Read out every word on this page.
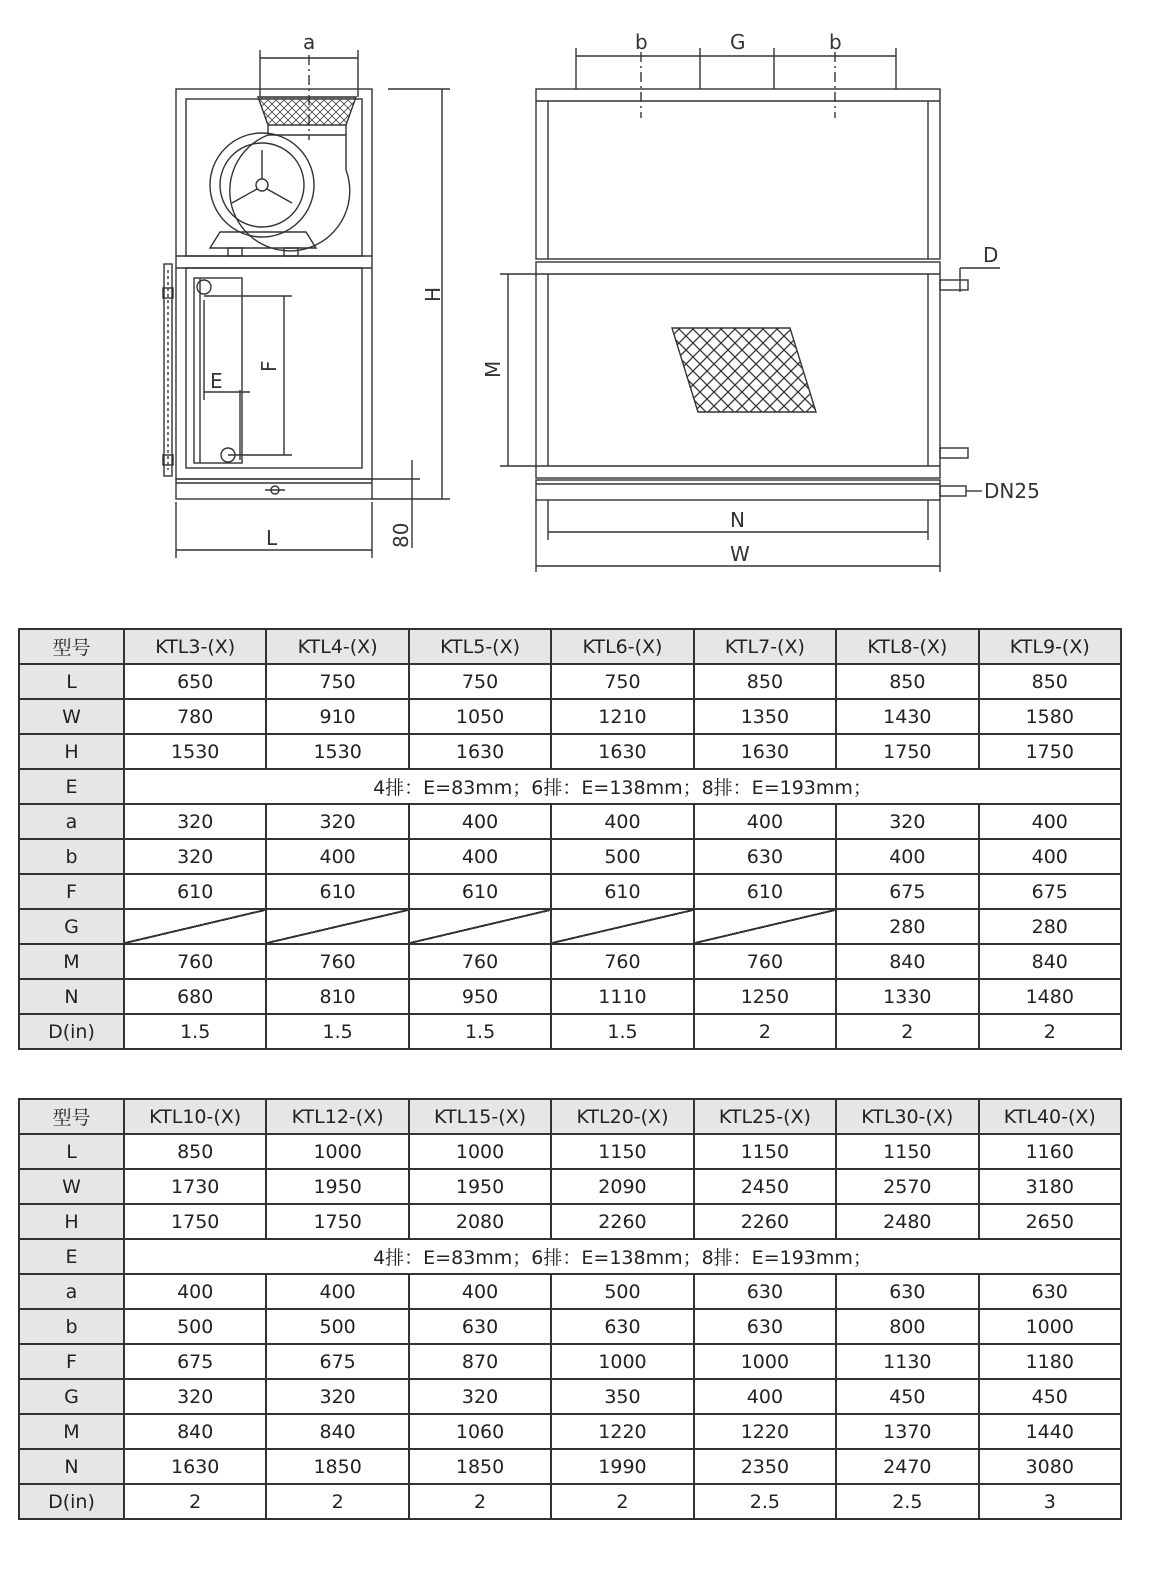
a
E
F
H
L	80
b	G	b
D
M
DN25
N
W
型号	KTL3-(X)	KTL4-(X)	KTL5-(X)	KTL6-(X)	KTL7-(X)	KTL8-(X)	KTL9-(X)
L	650	750	750	750	850	850	850
W	780	910	1050	1210	1350	1430	1580
H	1530	1530	1630	1630	1630	1750	1750
E	4排：E=83mm；6排：E=138mm；8排：E=193mm；						
a	320	320	400	400	400	320	400
b	320	400	400	500	630	400	400
F	610	610	610	610	610	675	675
G						280	280
M	760	760	760	760	760	840	840
N	680	810	950	1110	1250	1330	1480
D(in)	1.5	1.5	1.5	1.5	2	2	2
型号	KTL10-(X)	KTL12-(X)	KTL15-(X)	KTL20-(X)	KTL25-(X)	KTL30-(X)	KTL40-(X)
L	850	1000	1000	1150	1150	1150	1160
W	1730	1950	1950	2090	2450	2570	3180
H	1750	1750	2080	2260	2260	2480	2650
E	4排：E=83mm；6排：E=138mm；8排：E=193mm；						
a	400	400	400	500	630	630	630
b	500	500	630	630	630	800	1000
F	675	675	870	1000	1000	1130	1180
G	320	320	320	350	400	450	450
M	840	840	1060	1220	1220	1370	1440
N	1630	1850	1850	1990	2350	2470	3080
D(in)	2	2	2	2	2.5	2.5	3
